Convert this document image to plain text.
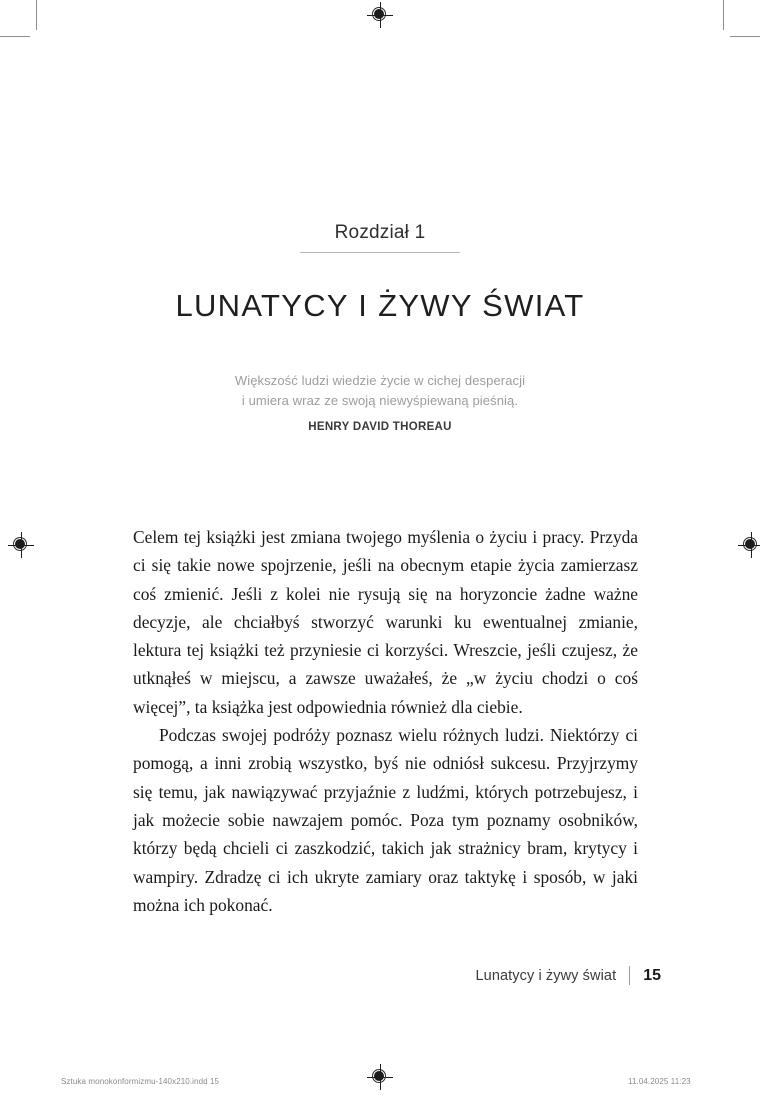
Rozdział 1
LUNATYCY I ŻYWY ŚWIAT
Większość ludzi wiedzie życie w cichej desperacji
i umiera wraz ze swoją niewyśpiewaną pieśnią.
HENRY DAVID THOREAU

Celem tej książki jest zmiana twojego myślenia o życiu i pracy. Przyda ci się takie nowe spojrzenie, jeśli na obecnym etapie życia zamierzasz coś zmienić. Jeśli z kolei nie rysują się na horyzoncie żadne ważne decyzje, ale chciałbyś stworzyć warunki ku ewentualnej zmianie, lektura tej książki też przyniesie ci korzyści. Wreszcie, jeśli czujesz, że utknąłeś w miejscu, a zawsze uważałeś, że „w życiu chodzi o coś więcej”, ta książka jest odpowiednia również dla ciebie.

Podczas swojej podróży poznasz wielu różnych ludzi. Niektórzy ci pomogą, a inni zrobią wszystko, byś nie odniósł sukcesu. Przyjrzymy się temu, jak nawiązywać przyjaźnie z ludźmi, których potrzebujesz, i jak możecie sobie nawzajem pomóc. Poza tym poznamy osobników, którzy będą chcieli ci zaszkodzić, takich jak strażnicy bram, krytycy i wampiry. Zdradzę ci ich ukryte zamiary oraz taktykę i sposób, w jaki można ich pokonać.

Lunatycy i żywy świat 15
Sztuka monokonformizmu-140x210.indd 15	11.04.2025 11:23
